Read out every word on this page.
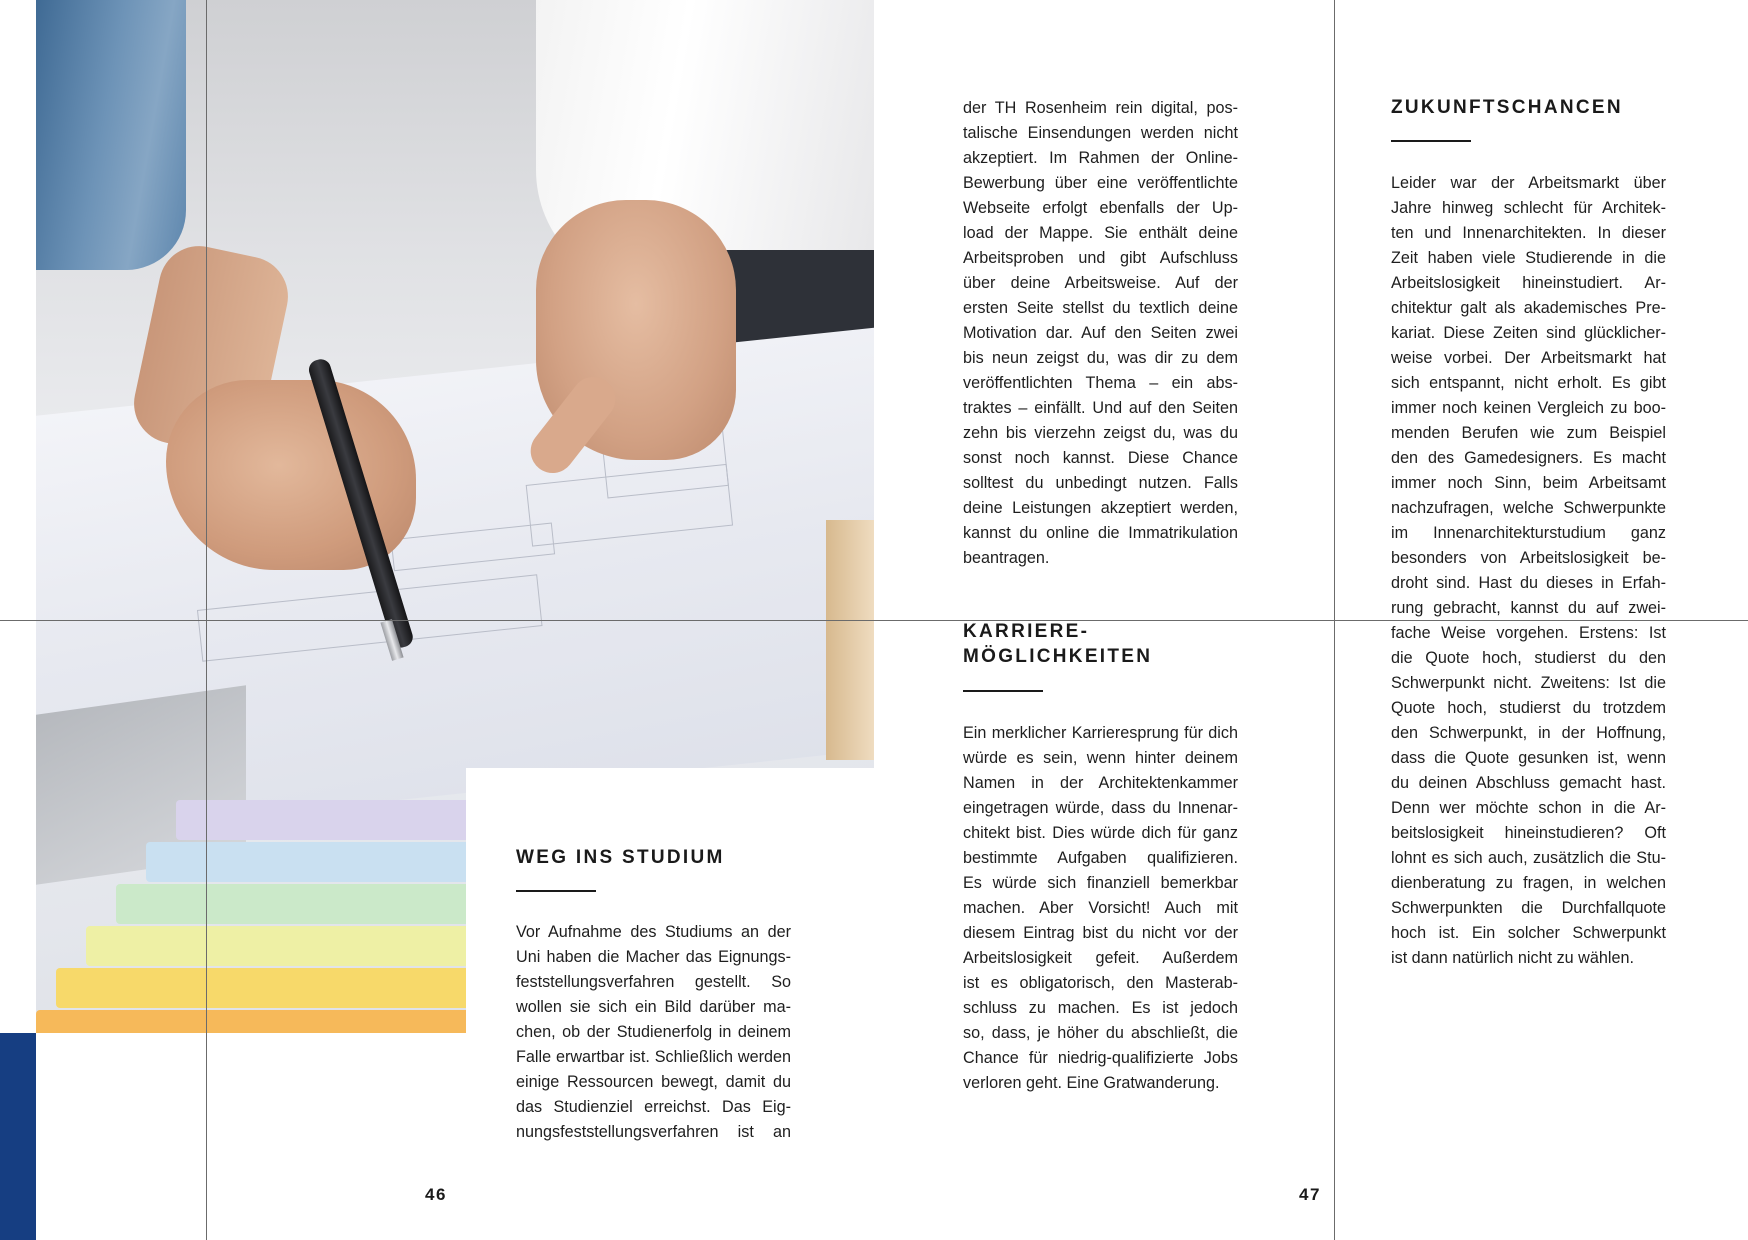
WEG INS STUDIUM
Vor Aufnahme des Studiums an der
Uni haben die Macher das Eignungs-
feststellungsverfahren gestellt. So
wollen sie sich ein Bild darüber ma-
chen, ob der Studienerfolg in deinem
Falle erwartbar ist. Schließlich werden
einige Ressourcen bewegt, damit du
das Studienziel erreichst. Das Eig-
nungsfeststellungsverfahren ist an
46
der TH Rosenheim rein digital, pos-
talische Einsendungen werden nicht
akzeptiert. Im Rahmen der Online-
Bewerbung über eine veröffentlichte
Webseite erfolgt ebenfalls der Up-
load der Mappe. Sie enthält deine
Arbeitsproben und gibt Aufschluss
über deine Arbeitsweise. Auf der
ersten Seite stellst du textlich deine
Motivation dar. Auf den Seiten zwei
bis neun zeigst du, was dir zu dem
veröffentlichten Thema – ein abs-
traktes – einfällt. Und auf den Seiten
zehn bis vierzehn zeigst du, was du
sonst noch kannst. Diese Chance
solltest du unbedingt nutzen. Falls
deine Leistungen akzeptiert werden,
kannst du online die Immatrikulation
beantragen.
KARRIERE-
MÖGLICHKEITEN
Ein merklicher Karrieresprung für dich
würde es sein, wenn hinter deinem
Namen in der Architektenkammer
eingetragen würde, dass du Innenar-
chitekt bist. Dies würde dich für ganz
bestimmte Aufgaben qualifizieren.
Es würde sich finanziell bemerkbar
machen. Aber Vorsicht! Auch mit
diesem Eintrag bist du nicht vor der
Arbeitslosigkeit gefeit. Außerdem
ist es obligatorisch, den Masterab-
schluss zu machen. Es ist jedoch
so, dass, je höher du abschließt, die
Chance für niedrig-qualifizierte Jobs
verloren geht. Eine Gratwanderung.
ZUKUNFTSCHANCEN
Leider war der Arbeitsmarkt über
Jahre hinweg schlecht für Architek-
ten und Innenarchitekten. In dieser
Zeit haben viele Studierende in die
Arbeitslosigkeit hineinstudiert. Ar-
chitektur galt als akademisches Pre-
kariat. Diese Zeiten sind glücklicher-
weise vorbei. Der Arbeitsmarkt hat
sich entspannt, nicht erholt. Es gibt
immer noch keinen Vergleich zu boo-
menden Berufen wie zum Beispiel
den des Gamedesigners. Es macht
immer noch Sinn, beim Arbeitsamt
nachzufragen, welche Schwerpunkte
im Innenarchitekturstudium ganz
besonders von Arbeitslosigkeit be-
droht sind. Hast du dieses in Erfah-
rung gebracht, kannst du auf zwei-
fache Weise vorgehen. Erstens: Ist
die Quote hoch, studierst du den
Schwerpunkt nicht. Zweitens: Ist die
Quote hoch, studierst du trotzdem
den Schwerpunkt, in der Hoffnung,
dass die Quote gesunken ist, wenn
du deinen Abschluss gemacht hast.
Denn wer möchte schon in die Ar-
beitslosigkeit hineinstudieren? Oft
lohnt es sich auch, zusätzlich die Stu-
dienberatung zu fragen, in welchen
Schwerpunkten die Durchfallquote
hoch ist. Ein solcher Schwerpunkt
ist dann natürlich nicht zu wählen.
47
